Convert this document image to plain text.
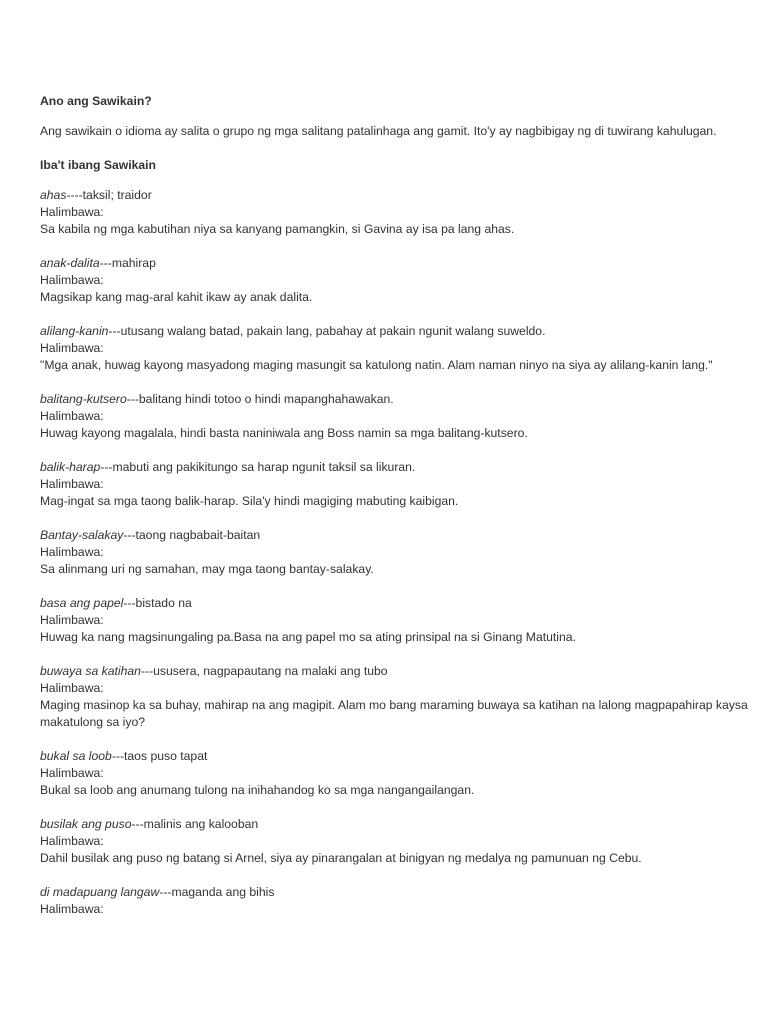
Ano ang Sawikain?
Ang sawikain o idioma ay salita o grupo ng mga salitang patalinhaga ang gamit. Ito'y ay nagbibigay ng di tuwirang kahulugan.
Iba't ibang Sawikain
ahas----taksil; traidor
Halimbawa:
Sa kabila ng mga kabutihan niya sa kanyang pamangkin, si Gavina ay isa pa lang ahas.
anak-dalita---mahirap
Halimbawa:
Magsikap kang mag-aral kahit ikaw ay anak dalita.
alilang-kanin---utusang walang batad, pakain lang, pabahay at pakain ngunit walang suweldo.
Halimbawa:
"Mga anak, huwag kayong masyadong maging masungit sa katulong natin. Alam naman ninyo na siya ay alilang-kanin lang."
balitang-kutsero---balitang hindi totoo o hindi mapanghahawakan.
Halimbawa:
Huwag kayong magalala, hindi basta naniniwala ang Boss namin sa mga balitang-kutsero.
balik-harap---mabuti ang pakikitungo sa harap ngunit taksil sa likuran.
Halimbawa:
Mag-ingat sa mga taong balik-harap. Sila'y hindi magiging mabuting kaibigan.
Bantay-salakay---taong nagbabait-baitan
Halimbawa:
Sa alinmang uri ng samahan, may mga taong bantay-salakay.
basa ang papel---bistado na
Halimbawa:
Huwag ka nang magsinungaling pa.Basa na ang papel mo sa ating prinsipal na si Ginang Matutina.
buwaya sa katihan---ususera, nagpapautang na malaki ang tubo
Halimbawa:
Maging masinop ka sa buhay, mahirap na ang magipit. Alam mo bang maraming buwaya sa katihan na lalong magpapahirap kaysa makatulong sa iyo?
bukal sa loob---taos puso tapat
Halimbawa:
Bukal sa loob ang anumang tulong na inihahandog ko sa mga nangangailangan.
busilak ang puso---malinis ang kalooban
Halimbawa:
Dahil busilak ang puso ng batang si Arnel, siya ay pinarangalan at binigyan ng medalya ng pamunuan ng Cebu.
di madapuang langaw---maganda ang bihis
Halimbawa:
